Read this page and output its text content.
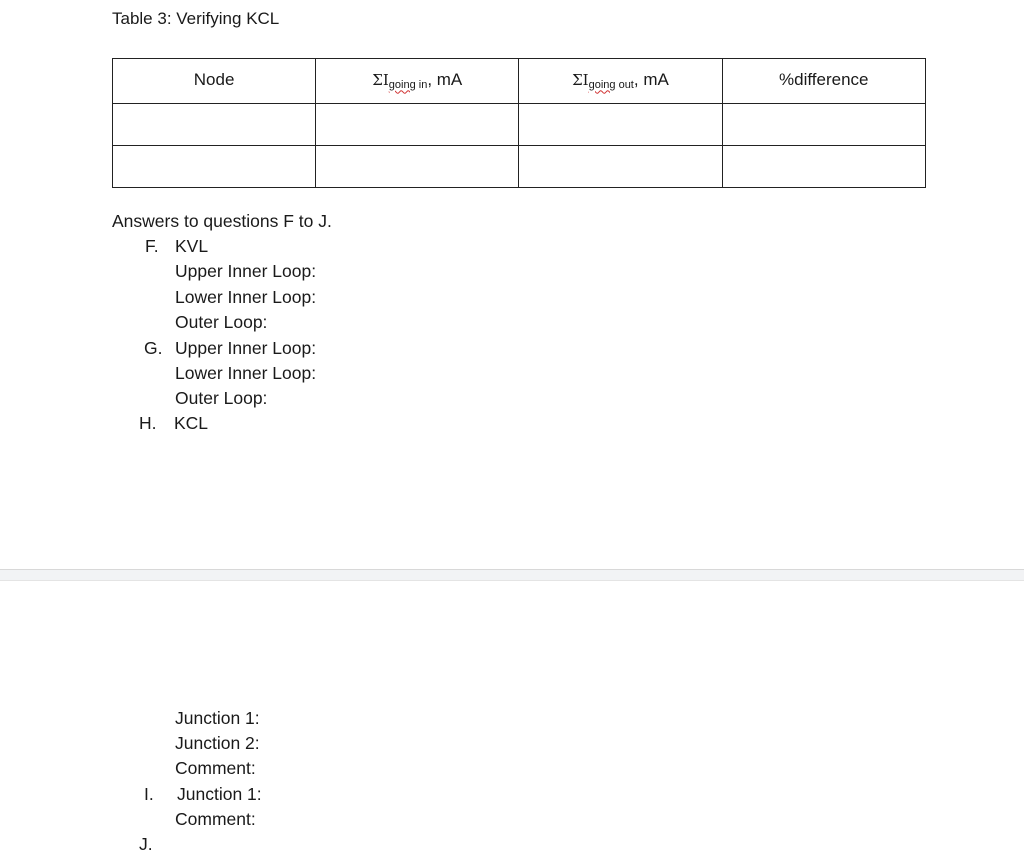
Table 3: Verifying KCL
Node	ΣIgoing in, mA	ΣIgoing out, mA	%difference

Answers to questions F to J.
F. KVL
Upper Inner Loop:
Lower Inner Loop:
Outer Loop:
G. Upper Inner Loop:
Lower Inner Loop:
Outer Loop:
H. KCL
Junction 1:
Junction 2:
Comment:
I. Junction 1:
Comment:
J.
